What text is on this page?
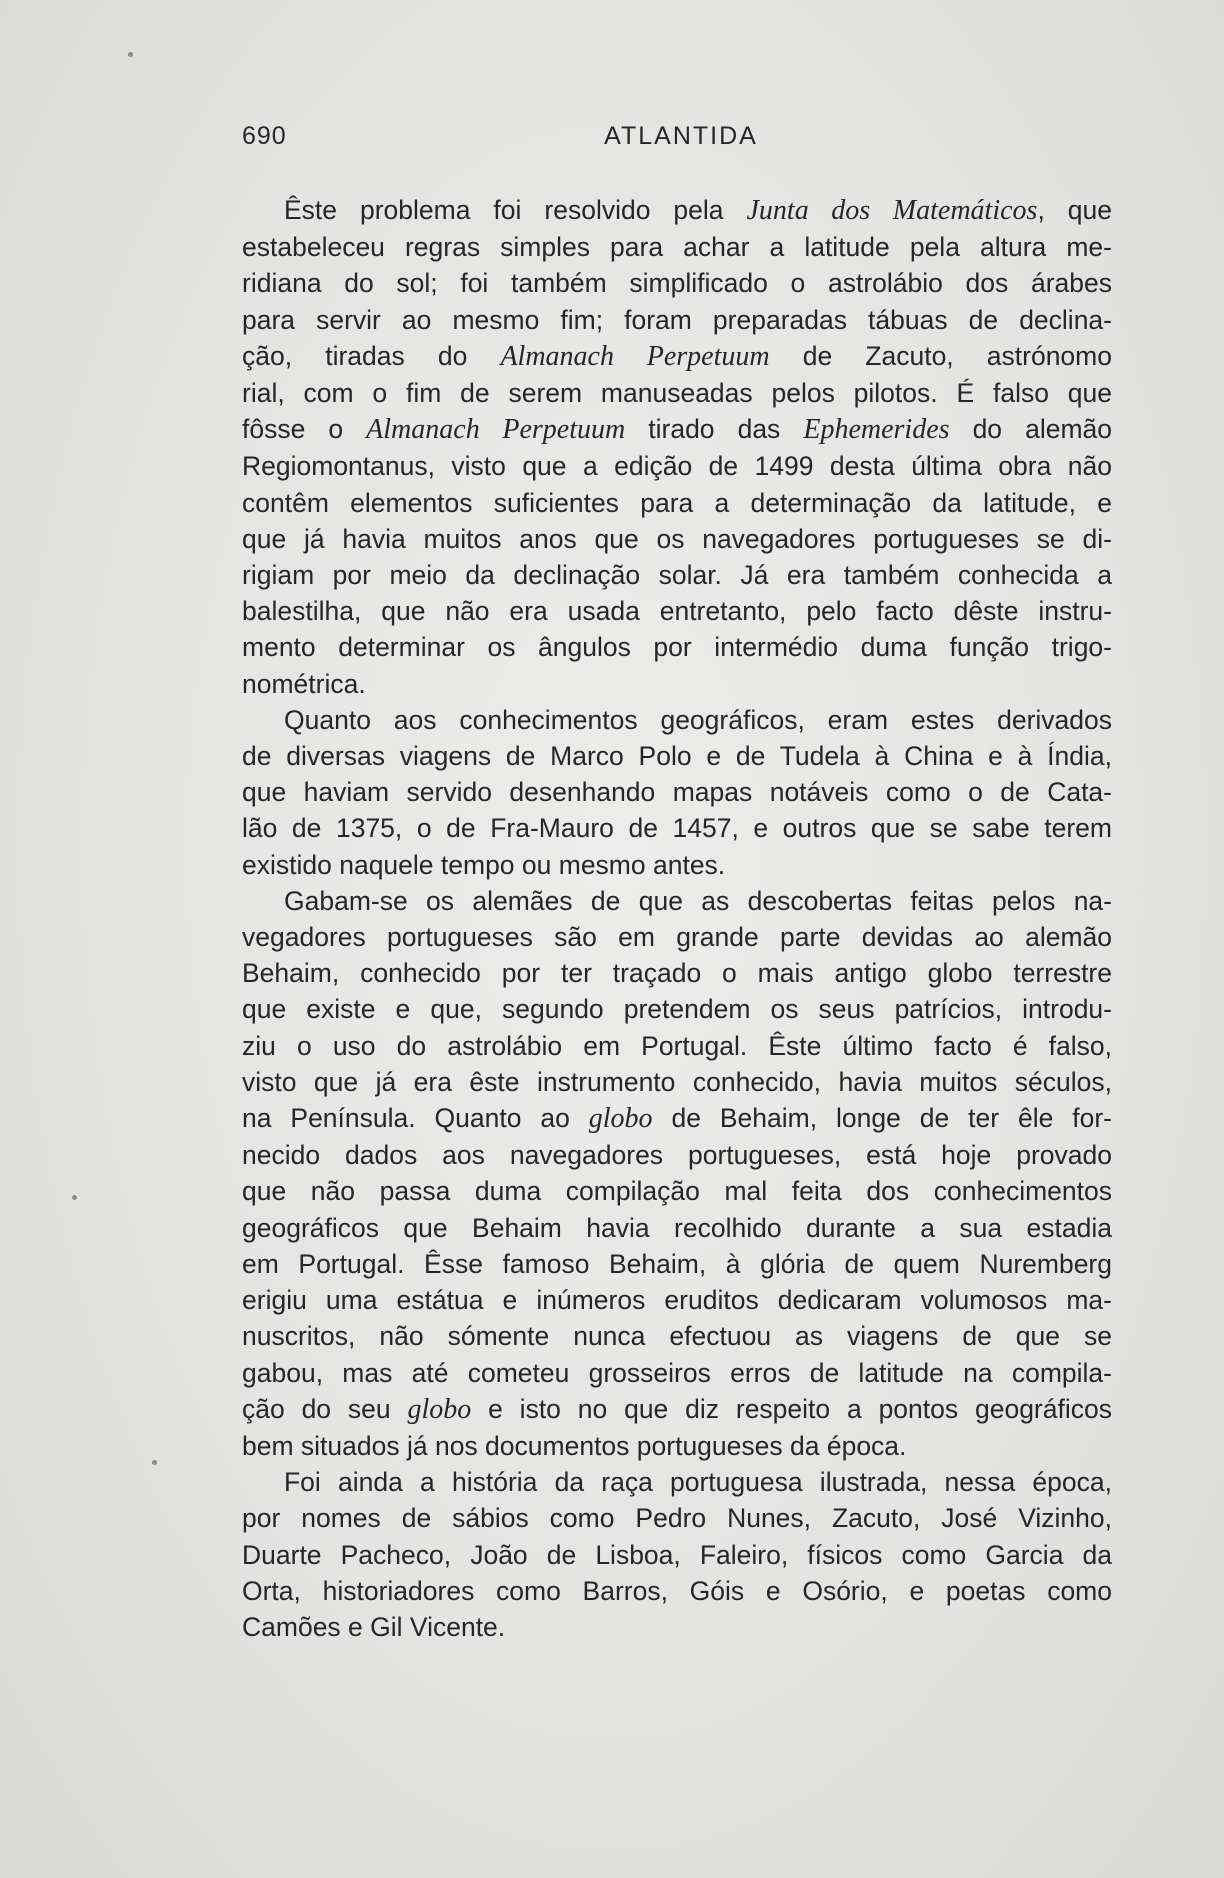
690	ATLANTIDA
Êste problema foi resolvido pela Junta dos Matemáticos, que
estabeleceu regras simples para achar a latitude pela altura me-
ridiana do sol; foi também simplificado o astrolábio dos árabes
para servir ao mesmo fim; foram preparadas tábuas de declina-
ção, tiradas do Almanach Perpetuum de Zacuto, astrónomo
rial, com o fim de serem manuseadas pelos pilotos. É falso que
fôsse o Almanach Perpetuum tirado das Ephemerides do alemão
Regiomontanus, visto que a edição de 1499 desta última obra não
contêm elementos suficientes para a determinação da latitude, e
que já havia muitos anos que os navegadores portugueses se di-
rigiam por meio da declinação solar. Já era também conhecida a
balestilha, que não era usada entretanto, pelo facto dêste instru-
mento determinar os ângulos por intermédio duma função trigo-
nométrica.
Quanto aos conhecimentos geográficos, eram estes derivados
de diversas viagens de Marco Polo e de Tudela à China e à Índia,
que haviam servido desenhando mapas notáveis como o de Cata-
lão de 1375, o de Fra-Mauro de 1457, e outros que se sabe terem
existido naquele tempo ou mesmo antes.
Gabam-se os alemães de que as descobertas feitas pelos na-
vegadores portugueses são em grande parte devidas ao alemão
Behaim, conhecido por ter traçado o mais antigo globo terrestre
que existe e que, segundo pretendem os seus patrícios, introdu-
ziu o uso do astrolábio em Portugal. Êste último facto é falso,
visto que já era êste instrumento conhecido, havia muitos séculos,
na Península. Quanto ao globo de Behaim, longe de ter êle for-
necido dados aos navegadores portugueses, está hoje provado
que não passa duma compilação mal feita dos conhecimentos
geográficos que Behaim havia recolhido durante a sua estadia
em Portugal. Êsse famoso Behaim, à glória de quem Nuremberg
erigiu uma estátua e inúmeros eruditos dedicaram volumosos ma-
nuscritos, não sómente nunca efectuou as viagens de que se
gabou, mas até cometeu grosseiros erros de latitude na compila-
ção do seu globo e isto no que diz respeito a pontos geográficos
bem situados já nos documentos portugueses da época.
Foi ainda a história da raça portuguesa ilustrada, nessa época,
por nomes de sábios como Pedro Nunes, Zacuto, José Vizinho,
Duarte Pacheco, João de Lisboa, Faleiro, físicos como Garcia da
Orta, historiadores como Barros, Góis e Osório, e poetas como
Camões e Gil Vicente.
